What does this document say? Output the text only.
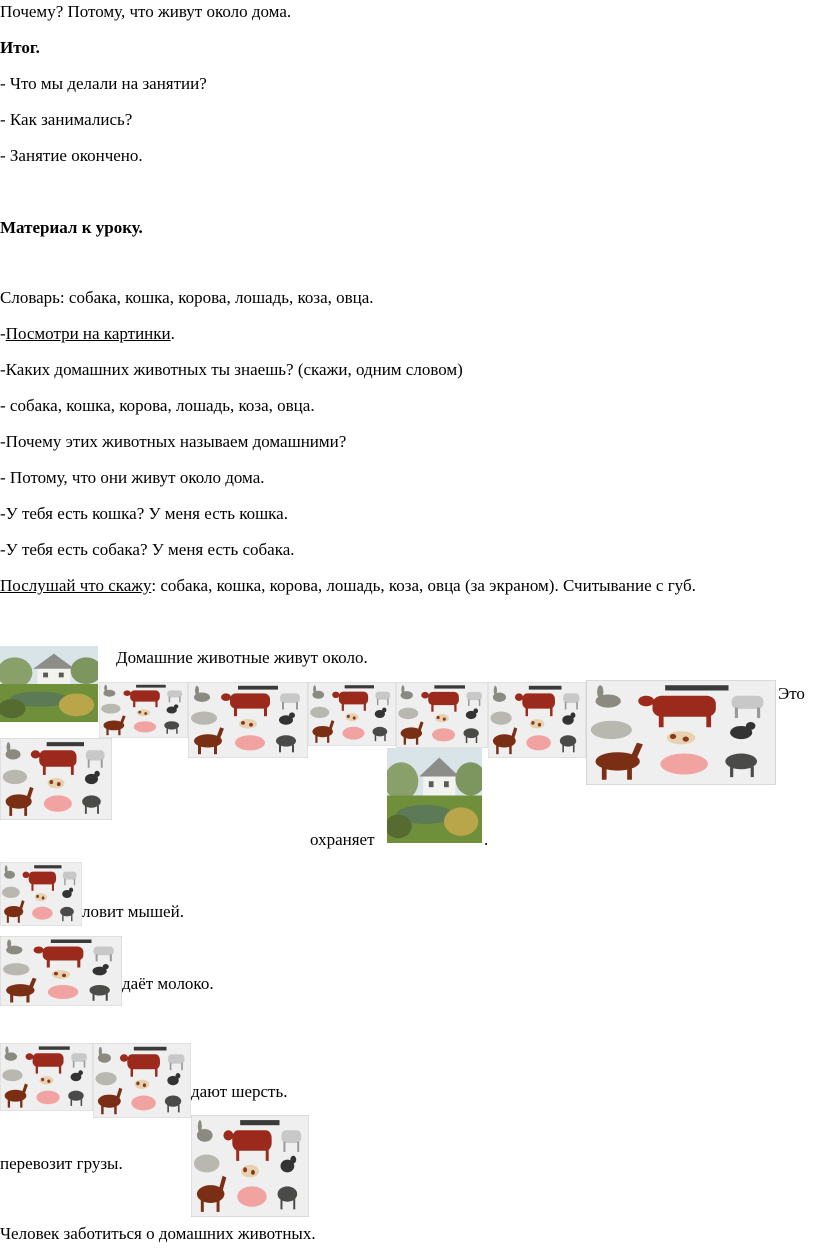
Почему? Потому, что живут около дома.
Итог.
- Что мы делали на занятии?
- Как занимались?
- Занятие окончено.
Материал к уроку.
Словарь: собака, кошка, корова, лошадь, коза, овца.
-Посмотри на картинки.
-Каких домашних животных ты знаешь? (скажи, одним словом)
- собака, кошка, корова, лошадь, коза, овца.
-Почему этих животных называем домашними?
- Потому, что они живут около дома.
-У тебя есть кошка? У меня есть кошка.
-У тебя есть собака? У меня есть собака.
Послушай что скажу: собака, кошка, корова, лошадь, коза, овца (за экраном). Считывание с губ.
Домашние животные живут около.
Это
охраняет	.
ловит мышей.
даёт молоко.
дают шерсть.
перевозит грузы.
Человек заботиться о домашних животных.
